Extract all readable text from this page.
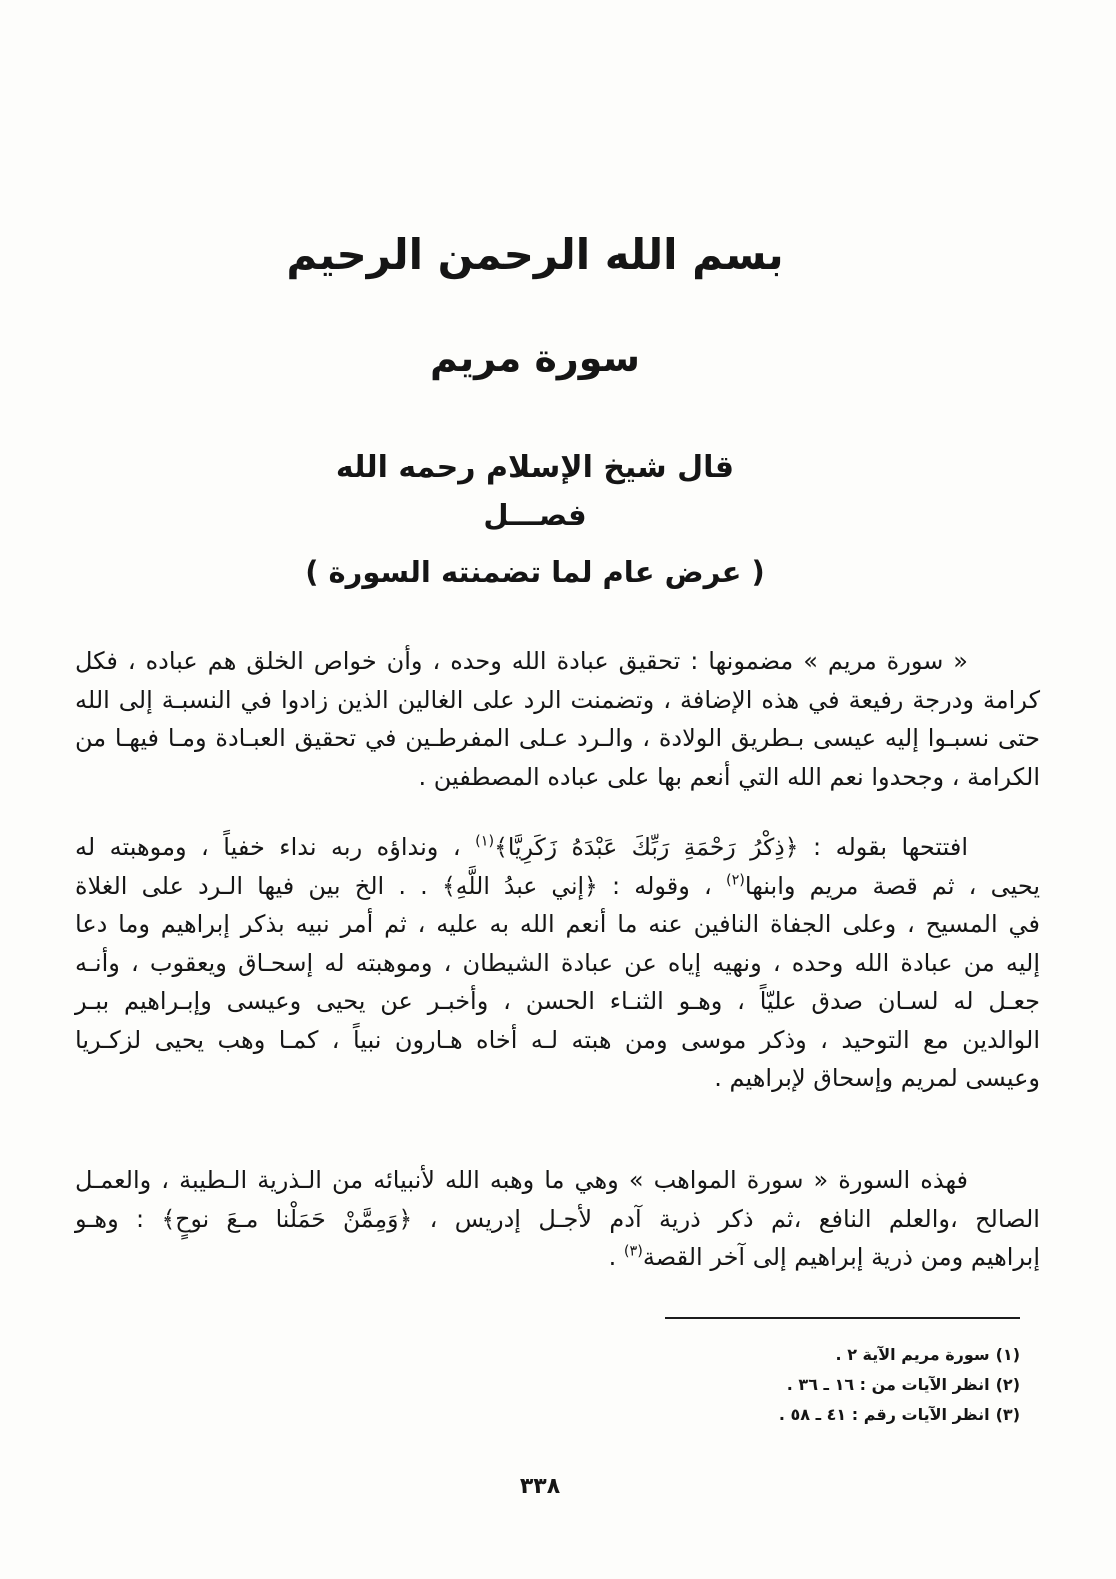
بسم الله الرحمن الرحيم
سورة مريم
قال شيخ الإسلام رحمه الله
فصـــل
( عرض عام لما تضمنته السورة )
« سورة مريم » مضمونها : تحقيق عبادة الله وحده ، وأن خواص الخلق هم عباده ، فكل
كرامة ودرجة رفيعة في هذه الإضافة ، وتضمنت الرد على الغالين الذين زادوا في النسبـة إلى الله
حتى نسبـوا إليه عيسى بـطريق الولادة ، والـرد عـلى المفرطـين في تحقيق العبـادة ومـا فيهـا من
الكرامة ، وجحدوا نعم الله التي أنعم بها على عباده المصطفين .
افتتحها بقوله : ﴿ذِكْرُ رَحْمَةِ رَبِّكَ عَبْدَهُ زَكَرِيَّا﴾$^{(١)}$ ، ونداؤه ربه نداء خفياً ، وموهبته له
يحيى ، ثم قصة مريم وابنها$^{(٢)}$ ، وقوله : ﴿إني عبدُ اللَّهِ﴾ . . الخ بين فيها الـرد على الغلاة
في المسيح ، وعلى الجفاة النافين عنه ما أنعم الله به عليه ، ثم أمر نبيه بذكر إبراهيم وما دعا
إليه من عبادة الله وحده ، ونهيه إياه عن عبادة الشيطان ، وموهبته له إسحـاق ويعقوب ، وأنـه
جعـل له لسـان صدق عليّاً ، وهـو الثنـاء الحسن ، وأخبـر عن يحيى وعيسى وإبـراهيم ببـر
الوالدين مع التوحيد ، وذكر موسى ومن هبته لـه أخاه هـارون نبياً ، كمـا وهب يحيى لزكـريا
وعيسى لمريم وإسحاق لإبراهيم .
فهذه السورة « سورة المواهب » وهي ما وهبه الله لأنبيائه من الـذرية الـطيبة ، والعمـل
الصالح ،والعلم النافع ،ثم ذكر ذرية آدم لأجـل إدريس ، ﴿وَمِمَّنْ حَمَلْنا مـعَ نوحٍ﴾ : وهـو
إبراهيم ومن ذرية إبراهيم إلى آخر القصة$^{(٣)}$ .
(١)سورة مريم الآية ٢ .
(٢)انظر الآيات من : ١٦ ـ ٣٦ .
(٣)انظر الآيات رقم : ٤١ ـ ٥٨ .
٣٣٨
